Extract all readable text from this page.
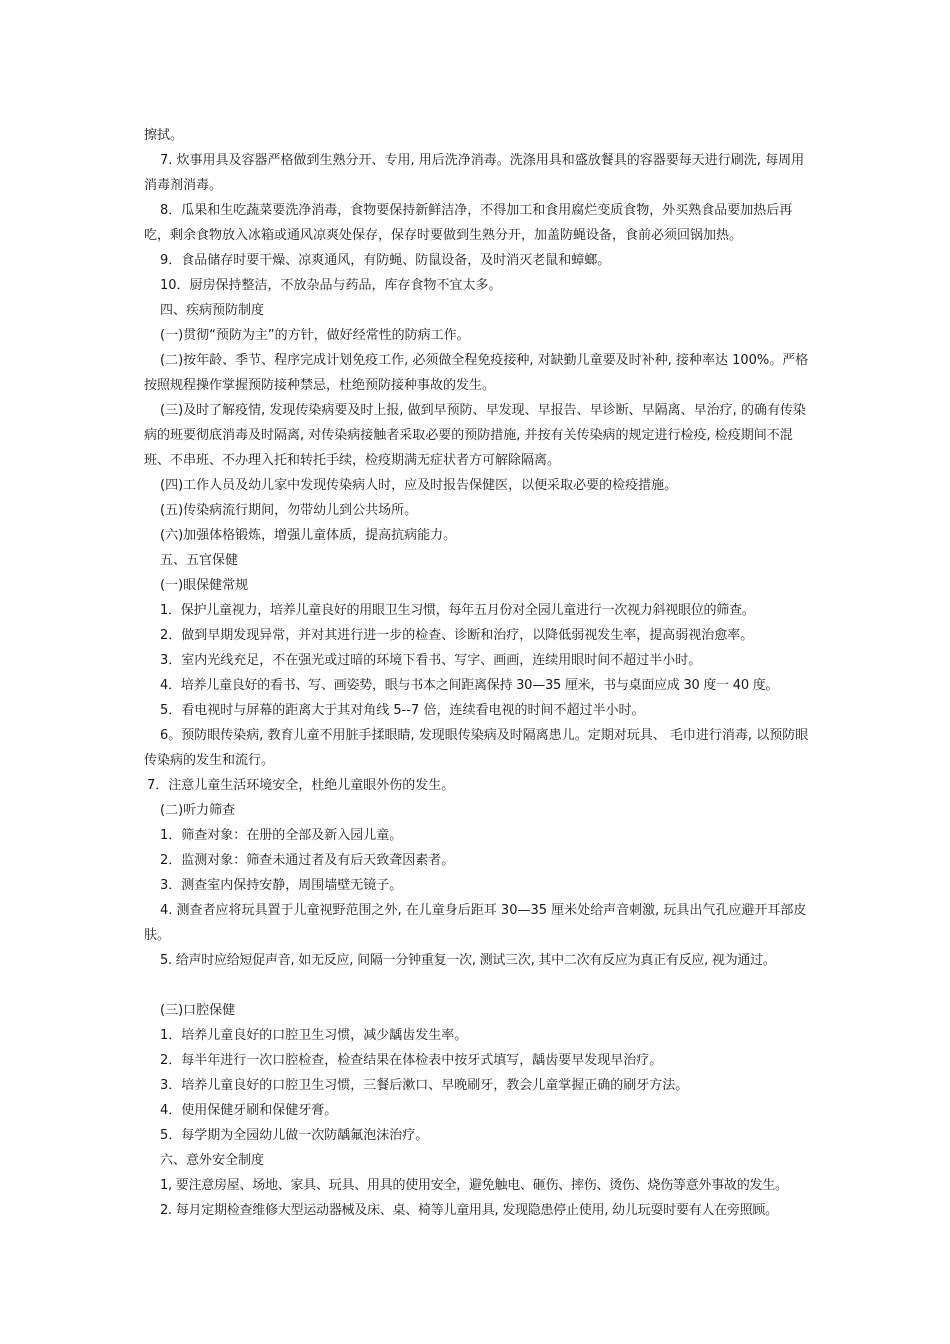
擦拭。

7. 炊事用具及容器严格做到生熟分开、专用, 用后洗净消毒。洗涤用具和盛放餐具的容器要每天进行刷洗, 每周用消毒剂消毒。

8．瓜果和生吃蔬菜要洗净消毒，食物要保持新鲜洁净，不得加工和食用腐烂变质食物，外买熟食品要加热后再吃，剩余食物放入冰箱或通风凉爽处保存，保存时要做到生熟分开，加盖防蝇设备，食前必须回锅加热。

9．食品储存时要干燥、凉爽通风，有防蝇、防鼠设备，及时消灭老鼠和蟑螂。

10．厨房保持整洁，不放杂品与药品，库存食物不宜太多。

四、疾病预防制度

(一)贯彻“预防为主”的方针，做好经常性的防病工作。

(二)按年龄、季节、程序完成计划免疫工作, 必须做全程免疫接种, 对缺勤儿童要及时补种, 接种率达 100%。严格按照规程操作掌握预防接种禁忌，杜绝预防接种事故的发生。

(三)及时了解疫情, 发现传染病要及时上报, 做到早预防、早发现、早报告、早诊断、早隔离、早治疗, 的确有传染病的班要彻底消毒及时隔离, 对传染病接触者采取必要的预防措施, 并按有关传染病的规定进行检疫, 检疫期间不混班、不串班、不办理入托和转托手续，检疫期满无症状者方可解除隔离。

(四)工作人员及幼儿家中发现传染病人时，应及时报告保健医，以便采取必要的检疫措施。

(五)传染病流行期间，勿带幼儿到公共场所。

(六)加强体格锻炼，增强儿童体质，提高抗病能力。

五、五官保健

(一)眼保健常规

1．保护儿童视力，培养儿童良好的用眼卫生习惯，每年五月份对全园儿童进行一次视力斜视眼位的筛查。

2．做到早期发现异常，并对其进行进一步的检查、诊断和治疗，以降低弱视发生率，提高弱视治愈率。

3．室内光线充足，不在强光或过暗的环境下看书、写字、画画，连续用眼时间不超过半小时。

4．培养儿童良好的看书、写、画姿势，眼与书本之间距离保持 30—35 厘米，书与桌面应成 30 度一 40 度。

5．看电视时与屏幕的距离大于其对角线 5--7 倍，连续看电视的时间不超过半小时。

6。预防眼传染病, 教育儿童不用脏手揉眼睛, 发现眼传染病及时隔离患儿。定期对玩具、 毛巾进行消毒, 以预防眼传染病的发生和流行。

7．注意儿童生活环境安全，杜绝儿童眼外伤的发生。

(二)听力筛查

1．筛查对象：在册的全部及新入园儿童。

2．监测对象：筛查未通过者及有后天致聋因素者。

3．测查室内保持安静，周围墙壁无镜子。

4. 测查者应将玩具置于儿童视野范围之外, 在儿童身后距耳 30—35 厘米处给声音刺激, 玩具出气孔应避开耳部皮肤。

5. 给声时应给短促声音, 如无反应, 间隔一分钟重复一次, 测试三次, 其中二次有反应为真正有反应, 视为通过。

(三)口腔保健

1．培养儿童良好的口腔卫生习惯，减少龋齿发生率。

2．每半年进行一次口腔检查，检查结果在体检表中按牙式填写，龋齿要早发现早治疗。

3．培养儿童良好的口腔卫生习惯，三餐后漱口、早晚刷牙，教会儿童掌握正确的刷牙方法。

4．使用保健牙刷和保健牙膏。

5．每学期为全园幼儿做一次防龋氟泡沫治疗。

六、意外安全制度

1, 要注意房屋、场地、家具、玩具、用具的使用安全，避免触电、砸伤、摔伤、烫伤、烧伤等意外事故的发生。

2. 每月定期检查维修大型运动器械及床、桌、椅等儿童用具, 发现隐患停止使用, 幼儿玩耍时要有人在旁照顾。
